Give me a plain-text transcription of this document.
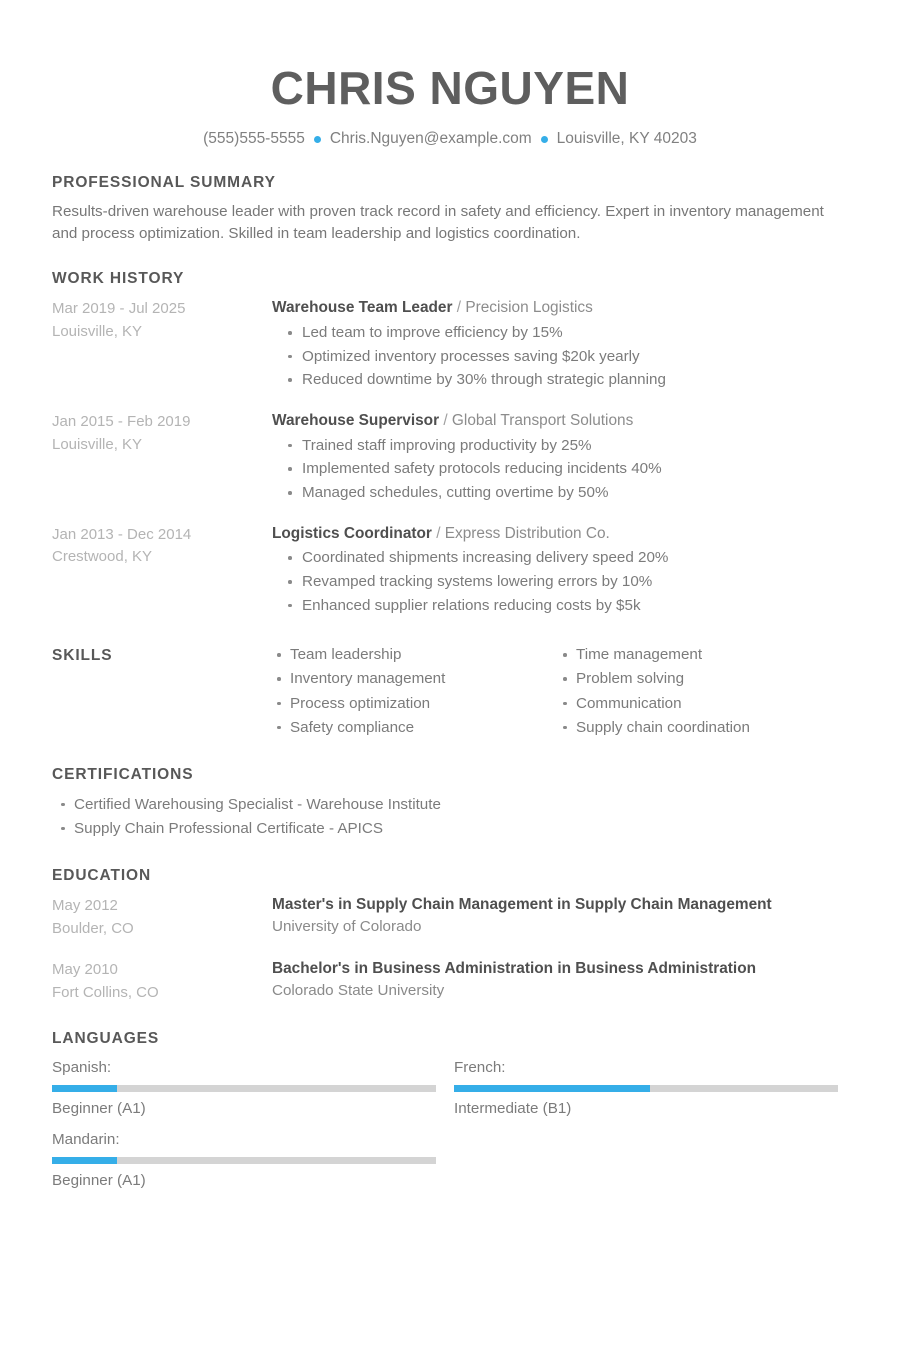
CHRIS NGUYEN
(555)555-5555 Chris.Nguyen@example.com Louisville, KY 40203
PROFESSIONAL SUMMARY

Results-driven warehouse leader with proven track record in safety and efficiency. Expert in inventory management and process optimization. Skilled in team leadership and logistics coordination.

WORK HISTORY
Mar 2019 - Jul 2025
Louisville, KY

Warehouse Team Leader / Precision Logistics

Led team to improve efficiency by 15%
Optimized inventory processes saving $20k yearly
Reduced downtime by 30% through strategic planning
Jan 2015 - Feb 2019
Louisville, KY

Warehouse Supervisor / Global Transport Solutions

Trained staff improving productivity by 25%
Implemented safety protocols reducing incidents 40%
Managed schedules, cutting overtime by 50%
Jan 2013 - Dec 2014
Crestwood, KY

Logistics Coordinator / Express Distribution Co.

Coordinated shipments increasing delivery speed 20%
Revamped tracking systems lowering errors by 10%
Enhanced supplier relations reducing costs by $5k
SKILLS	Team leadership
Inventory management
Process optimization
Safety compliance
Time management
Problem solving
Communication
Supply chain coordination
CERTIFICATIONS
Certified Warehousing Specialist - Warehouse Institute
Supply Chain Professional Certificate - APICS
EDUCATION
May 2012
Boulder, CO

Master's in Supply Chain Management in Supply Chain Management

University of Colorado

May 2010
Fort Collins, CO

Bachelor's in Business Administration in Business Administration

Colorado State University

LANGUAGES

Spanish:

Beginner (A1)

French:

Intermediate (B1)

Mandarin:

Beginner (A1)
